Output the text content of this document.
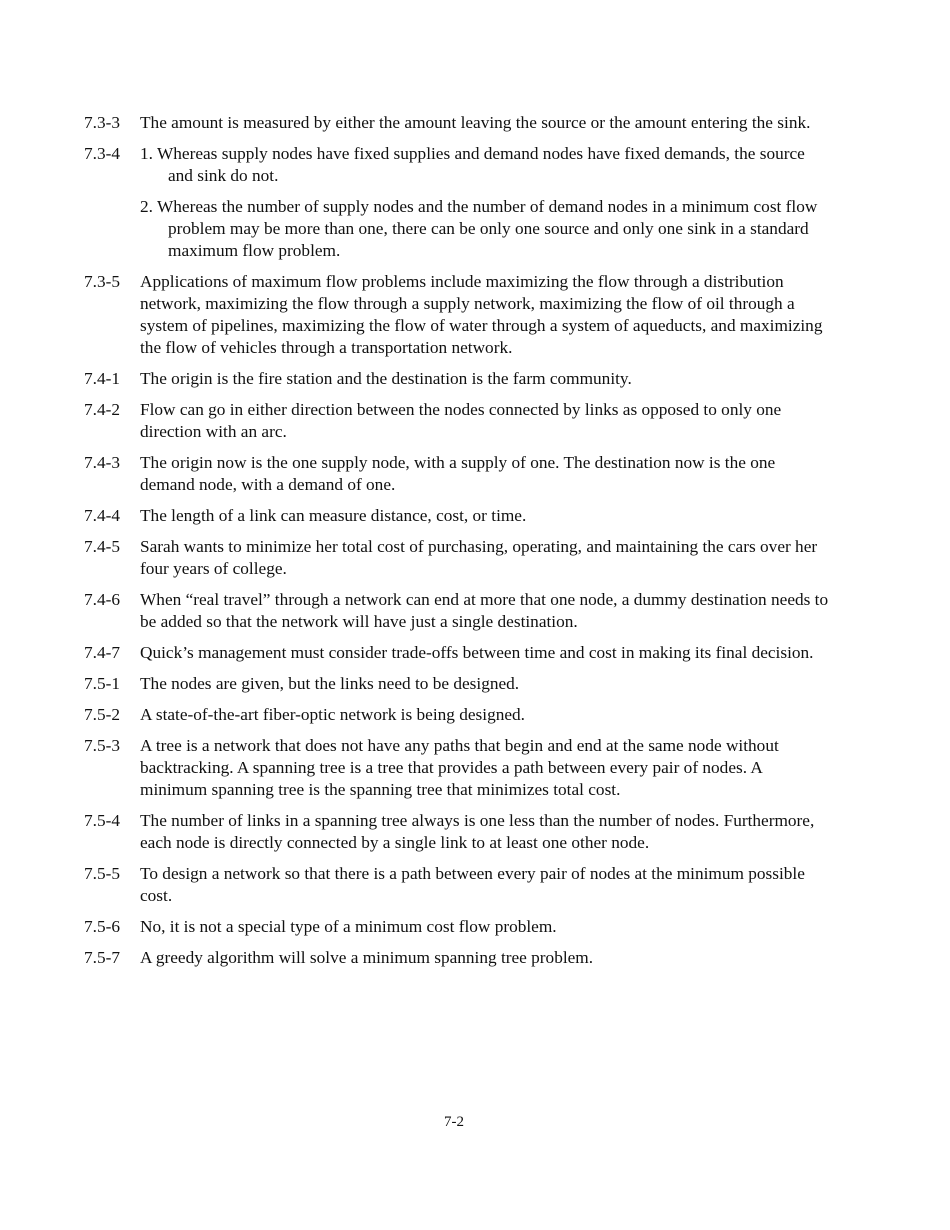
7.3-3	The amount is measured by either the amount leaving the source or the amount entering the sink.
7.3-4	1. Whereas supply nodes have fixed supplies and demand nodes have fixed demands, the source and sink do not.
2. Whereas the number of supply nodes and the number of demand nodes in a minimum cost flow problem may be more than one, there can be only one source and only one sink in a standard maximum flow problem.
7.3-5	Applications of maximum flow problems include maximizing the flow through a distribution network, maximizing the flow through a supply network, maximizing the flow of oil through a system of pipelines, maximizing the flow of water through a system of aqueducts, and maximizing the flow of vehicles through a transportation network.
7.4-1	The origin is the fire station and the destination is the farm community.
7.4-2	Flow can go in either direction between the nodes connected by links as opposed to only one direction with an arc.
7.4-3	The origin now is the one supply node, with a supply of one. The destination now is the one demand node, with a demand of one.
7.4-4	The length of a link can measure distance, cost, or time.
7.4-5	Sarah wants to minimize her total cost of purchasing, operating, and maintaining the cars over her four years of college.
7.4-6	When “real travel” through a network can end at more that one node, a dummy destination needs to be added so that the network will have just a single destination.
7.4-7	Quick’s management must consider trade-offs between time and cost in making its final decision.
7.5-1	The nodes are given, but the links need to be designed.
7.5-2	A state-of-the-art fiber-optic network is being designed.
7.5-3	A tree is a network that does not have any paths that begin and end at the same node without backtracking. A spanning tree is a tree that provides a path between every pair of nodes. A minimum spanning tree is the spanning tree that minimizes total cost.
7.5-4	The number of links in a spanning tree always is one less than the number of nodes. Furthermore, each node is directly connected by a single link to at least one other node.
7.5-5	To design a network so that there is a path between every pair of nodes at the minimum possible cost.
7.5-6	No, it is not a special type of a minimum cost flow problem.
7.5-7	A greedy algorithm will solve a minimum spanning tree problem.
7-2
